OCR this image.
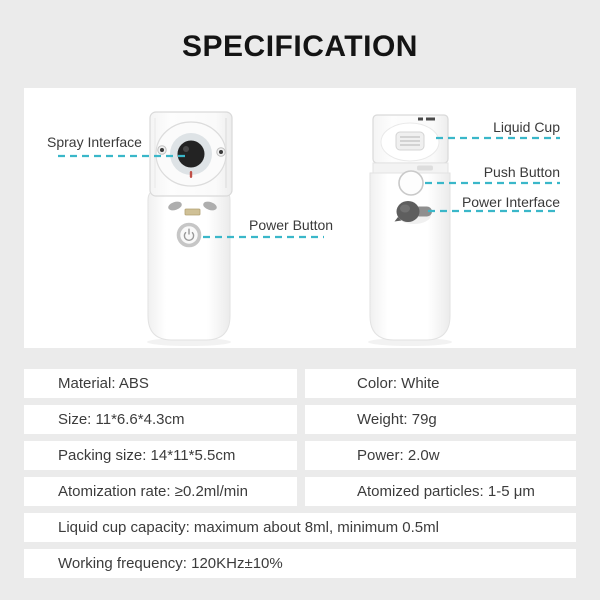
SPECIFICATION
Spray Interface
Power Button
Liquid Cup
Push Button
Power Interface
Material: ABS	Color: White
Size: 11*6.6*4.3cm	Weight: 79g
Packing size: 14*11*5.5cm	Power: 2.0w
Atomization rate: ≥0.2ml/min	Atomized particles: 1-5 μm
Liquid cup capacity: maximum about 8ml, minimum 0.5ml
Working frequency: 120KHz±10%
